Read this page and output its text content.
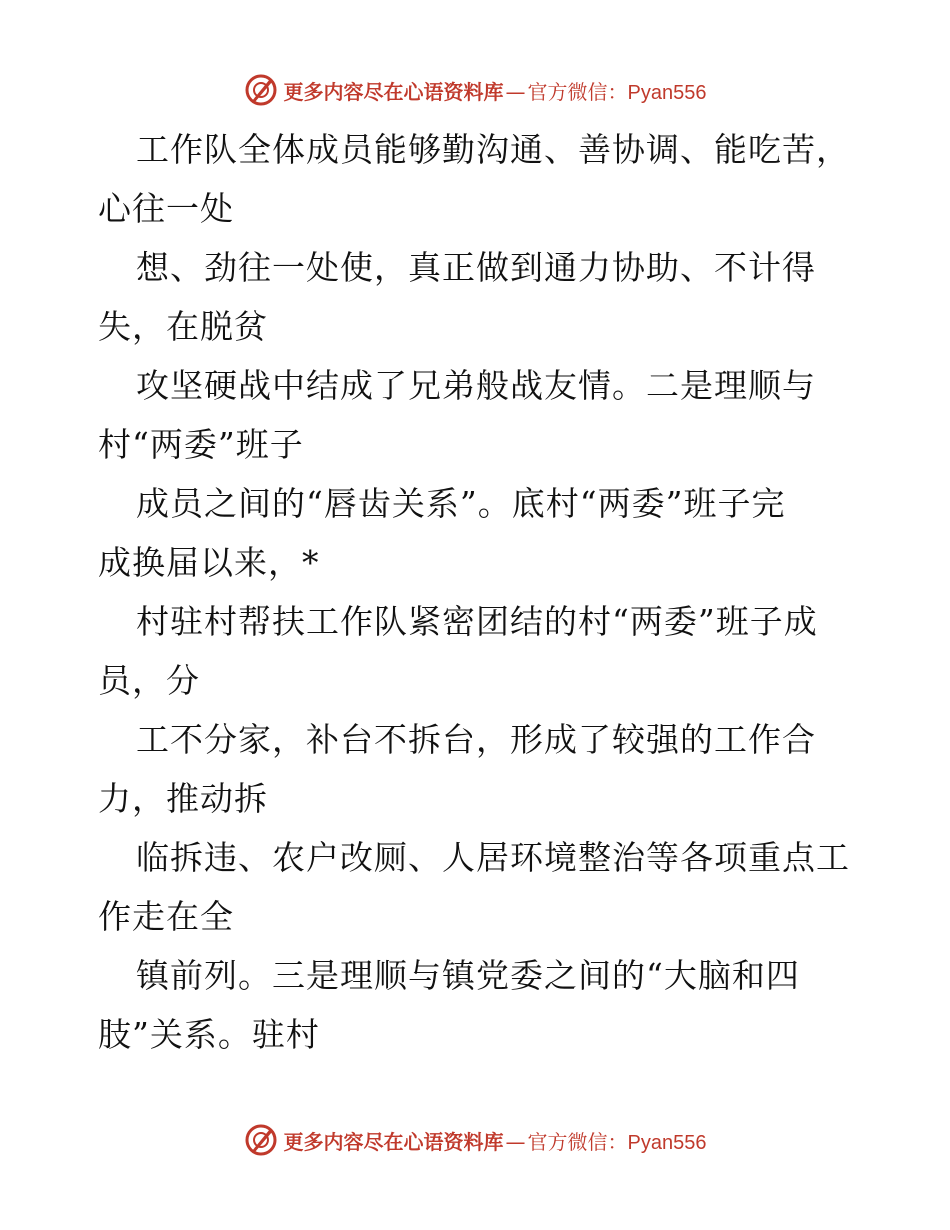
更多内容尽在心语资料库 — 官方微信： Pyan556
工作队全体成员能够勤沟通、善协调、能吃苦，
心往一处
想、劲往一处使，真正做到通力协助、不计得
失，在脱贫
攻坚硬战中结成了兄弟般战友情。二是理顺与
村“两委”班子
成员之间的“唇齿关系”。底村“两委”班子完
成换届以来，*
村驻村帮扶工作队紧密团结的村“两委”班子成
员，分
工不分家，补台不拆台，形成了较强的工作合
力，推动拆
临拆违、农户改厕、人居环境整治等各项重点工
作走在全
镇前列。三是理顺与镇党委之间的“大脑和四
肢”关系。驻村
更多内容尽在心语资料库 — 官方微信： Pyan556
